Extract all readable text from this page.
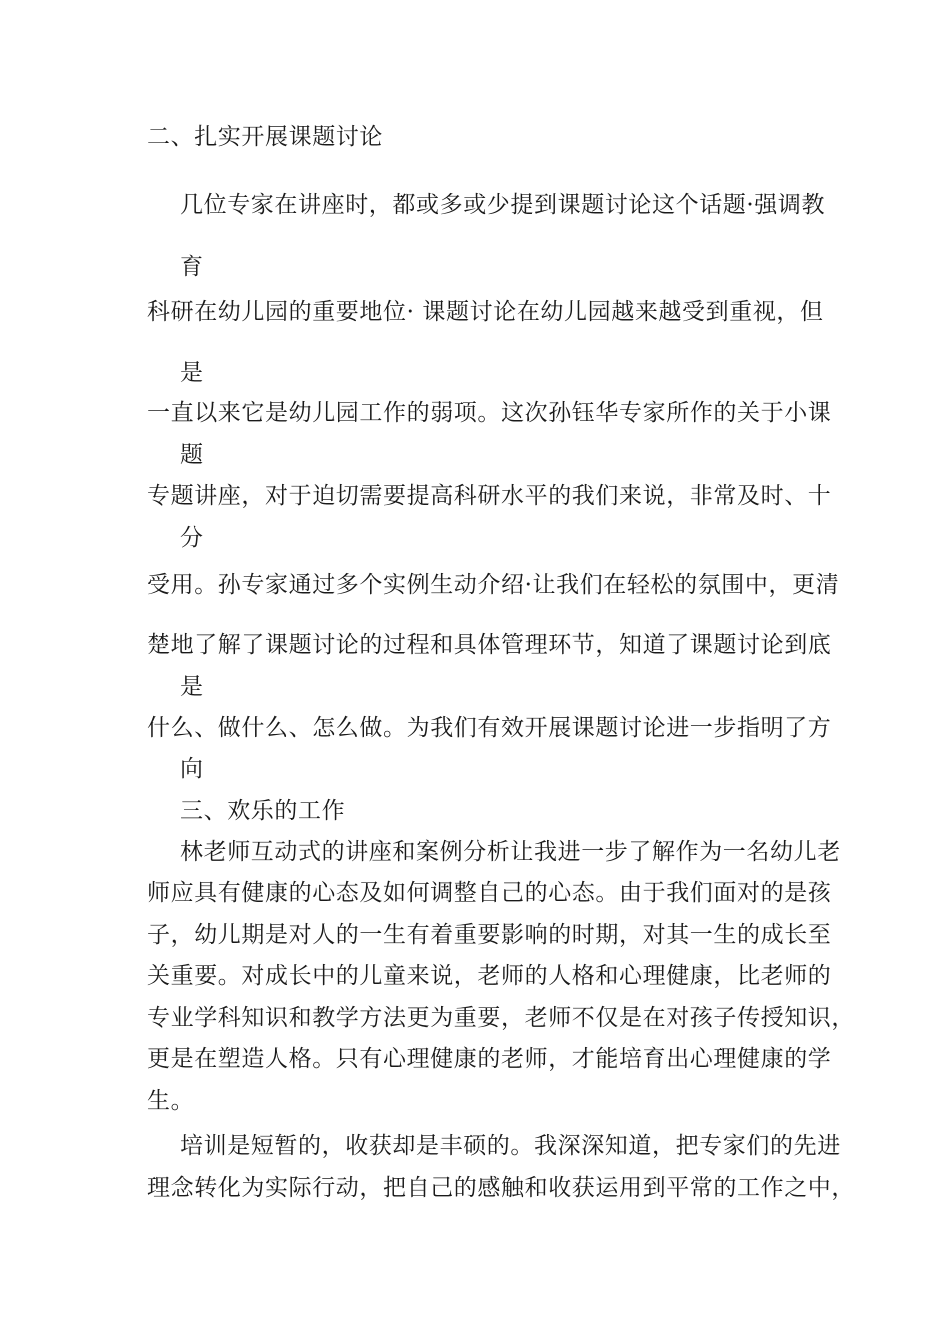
二、扎实开展课题讨论
几位专家在讲座时，都或多或少提到课题讨论这个话题·强调教
育
科研在幼儿园的重要地位· 课题讨论在幼儿园越来越受到重视，但
是
一直以来它是幼儿园工作的弱项。这次孙钰华专家所作的关于小课
题
专题讲座，对于迫切需要提高科研水平的我们来说，非常及时、十
分
受用。孙专家通过多个实例生动介绍·让我们在轻松的氛围中，更清
楚地了解了课题讨论的过程和具体管理环节，知道了课题讨论到底
是
什么、做什么、怎么做。为我们有效开展课题讨论进一步指明了方
向
三、欢乐的工作
林老师互动式的讲座和案例分析让我进一步了解作为一名幼儿老
师应具有健康的心态及如何调整自己的心态。由于我们面对的是孩
子，幼儿期是对人的一生有着重要影响的时期，对其一生的成长至
关重要。对成长中的儿童来说，老师的人格和心理健康，比老师的
专业学科知识和教学方法更为重要，老师不仅是在对孩子传授知识，
更是在塑造人格。只有心理健康的老师，才能培育出心理健康的学
生。
培训是短暂的，收获却是丰硕的。我深深知道，把专家们的先进
理念转化为实际行动，把自己的感触和收获运用到平常的工作之中，
